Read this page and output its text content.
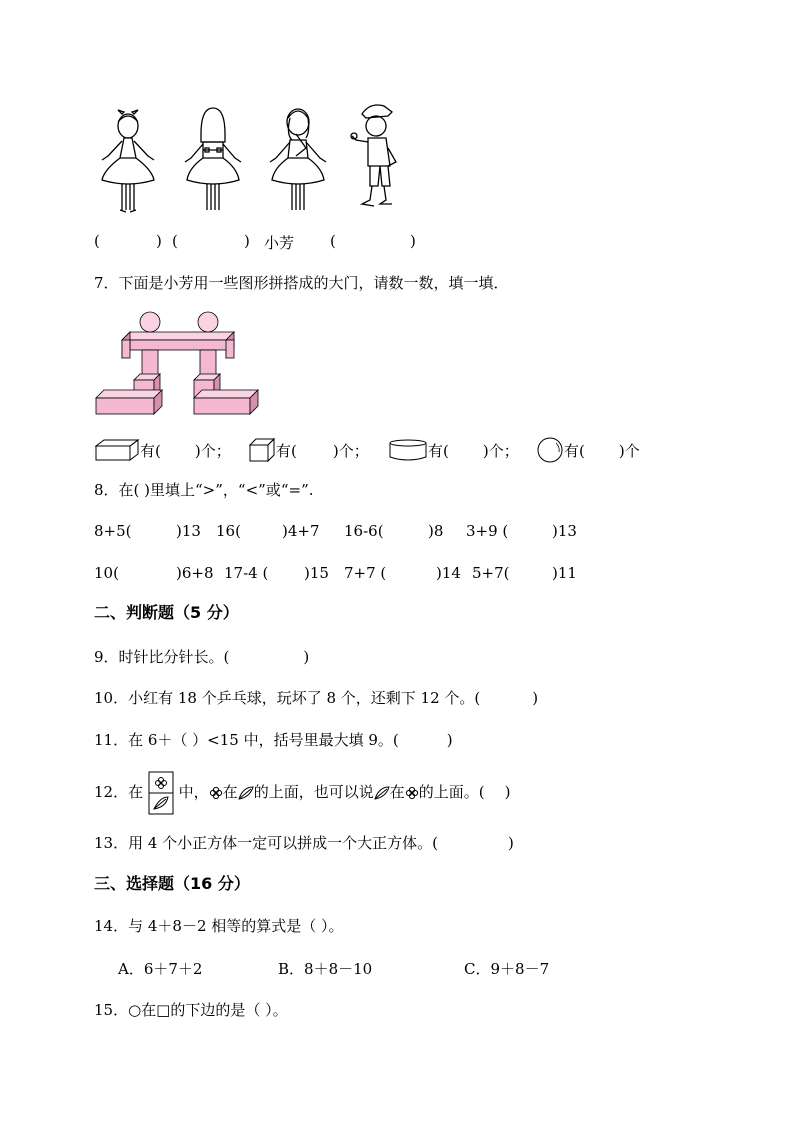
(	) (	) 小芳 (	)
7．下面是小芳用一些图形拼搭成的大门，请数一数，填一填．
有( )个；	有( )个；	有( )个；	有( )个
8．在( )里填上“>”，“<”或“=”.
8+5(	)13 16(	)4+7 16-6(	)8 3+9 (	)13
10(	)6+8 17-4 ( )15 7+7 (	)14 5+7(	)11
二、判断题（5 分）
9．时针比分针长。(	)
10．小红有 18 个乒乓球，玩坏了 8 个，还剩下 12 个。(	)
11．在 6＋（ ）<15 中，括号里最大填 9。(	)
12．在 中， 在 的上面，也可以说 在 的上面。( )
13．用 4 个小正方体一定可以拼成一个大正方体。(	)
三、选择题（16 分）
14．与 4＋8－2 相等的算式是（ ）。
A．6＋7＋2	B．8＋8－10	C．9＋8－7
15．○在□的下边的是（ ）。
